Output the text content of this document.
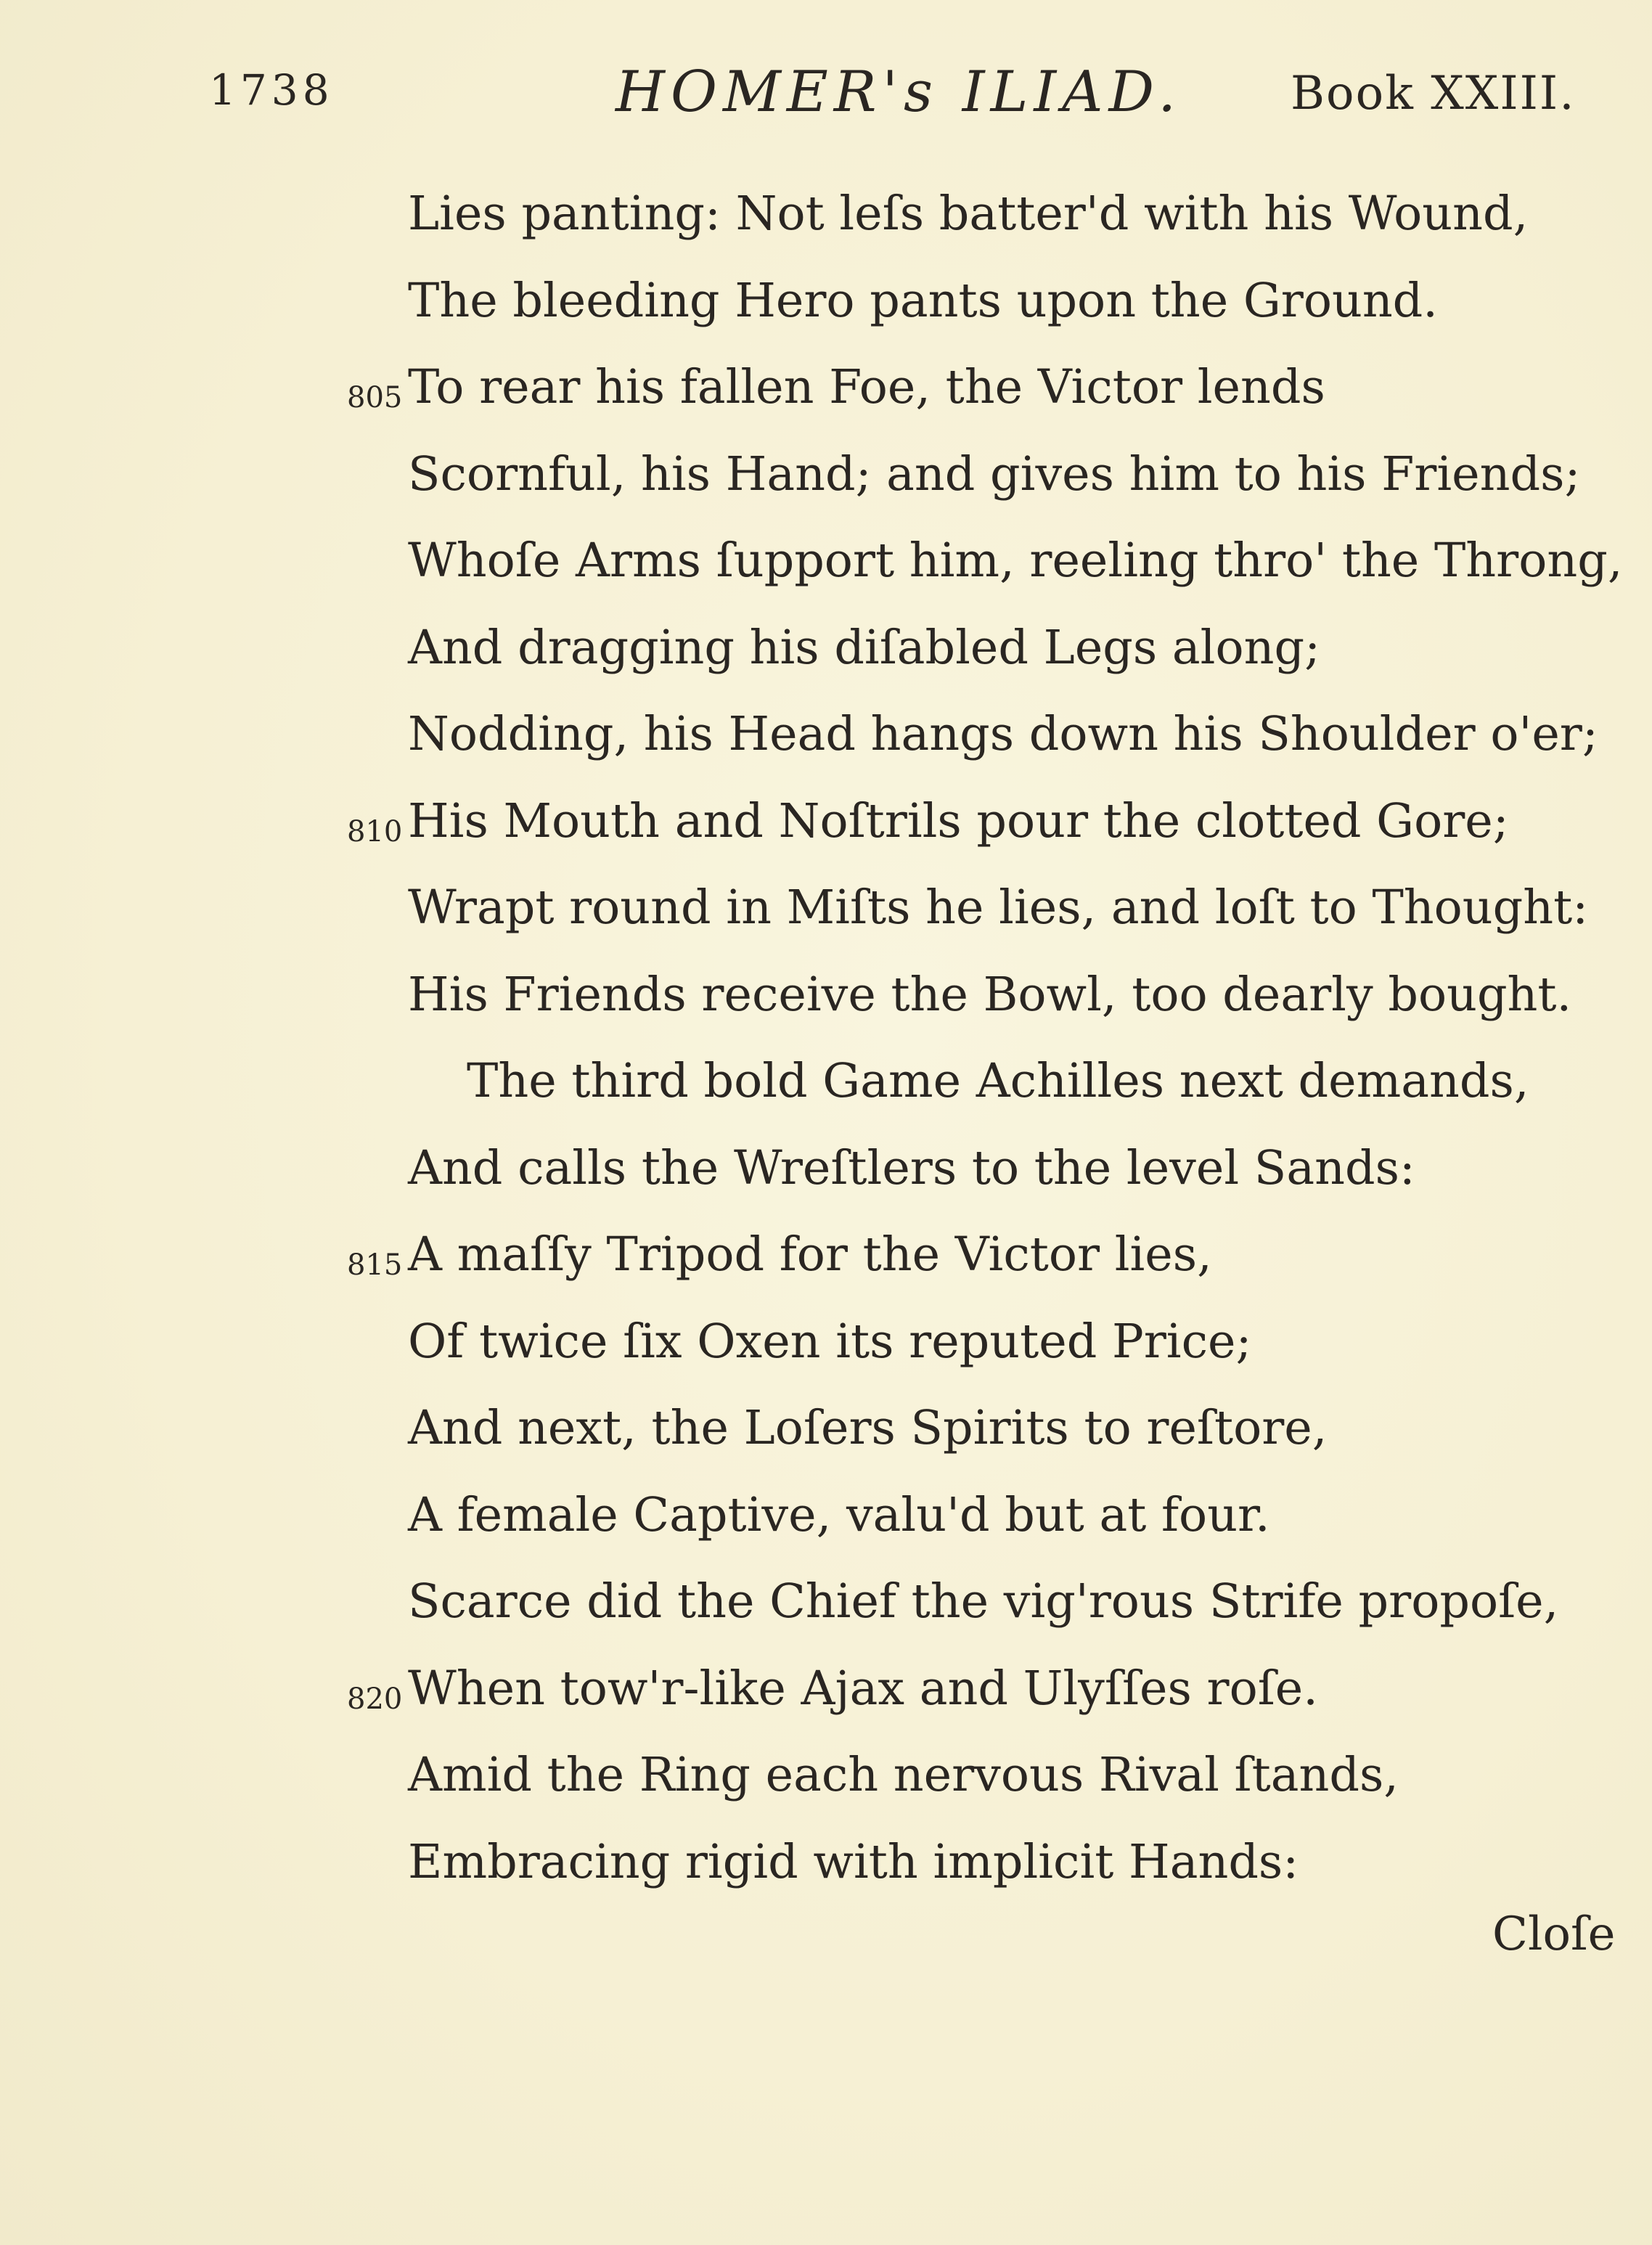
1738	HOMER's ILIAD. Book XXIII.
Lies panting: Not leſs batter'd with his Wound,
The bleeding Hero pants upon the Ground.
805 To rear his fallen Foe, the Victor lends
Scornful, his Hand; and gives him to his Friends;
Whoſe Arms ſupport him, reeling thro' the Throng,
And dragging his diſabled Legs along;
Nodding, his Head hangs down his Shoulder o'er;
810 His Mouth and Noſtrils pour the clotted Gore;
Wrapt round in Miſts he lies, and loſt to Thought:
His Friends receive the Bowl, too dearly bought.
The third bold Game Achilles next demands,
And calls the Wreſtlers to the level Sands:
815 A maſſy Tripod for the Victor lies,
Of twice ſix Oxen its reputed Price;
And next, the Loſers Spirits to reſtore,
A female Captive, valu'd but at four.
Scarce did the Chief the vig'rous Strife propoſe,
820 When tow'r-like Ajax and Ulyſſes roſe.
Amid the Ring each nervous Rival ſtands,
Embracing rigid with implicit Hands:
Cloſe
